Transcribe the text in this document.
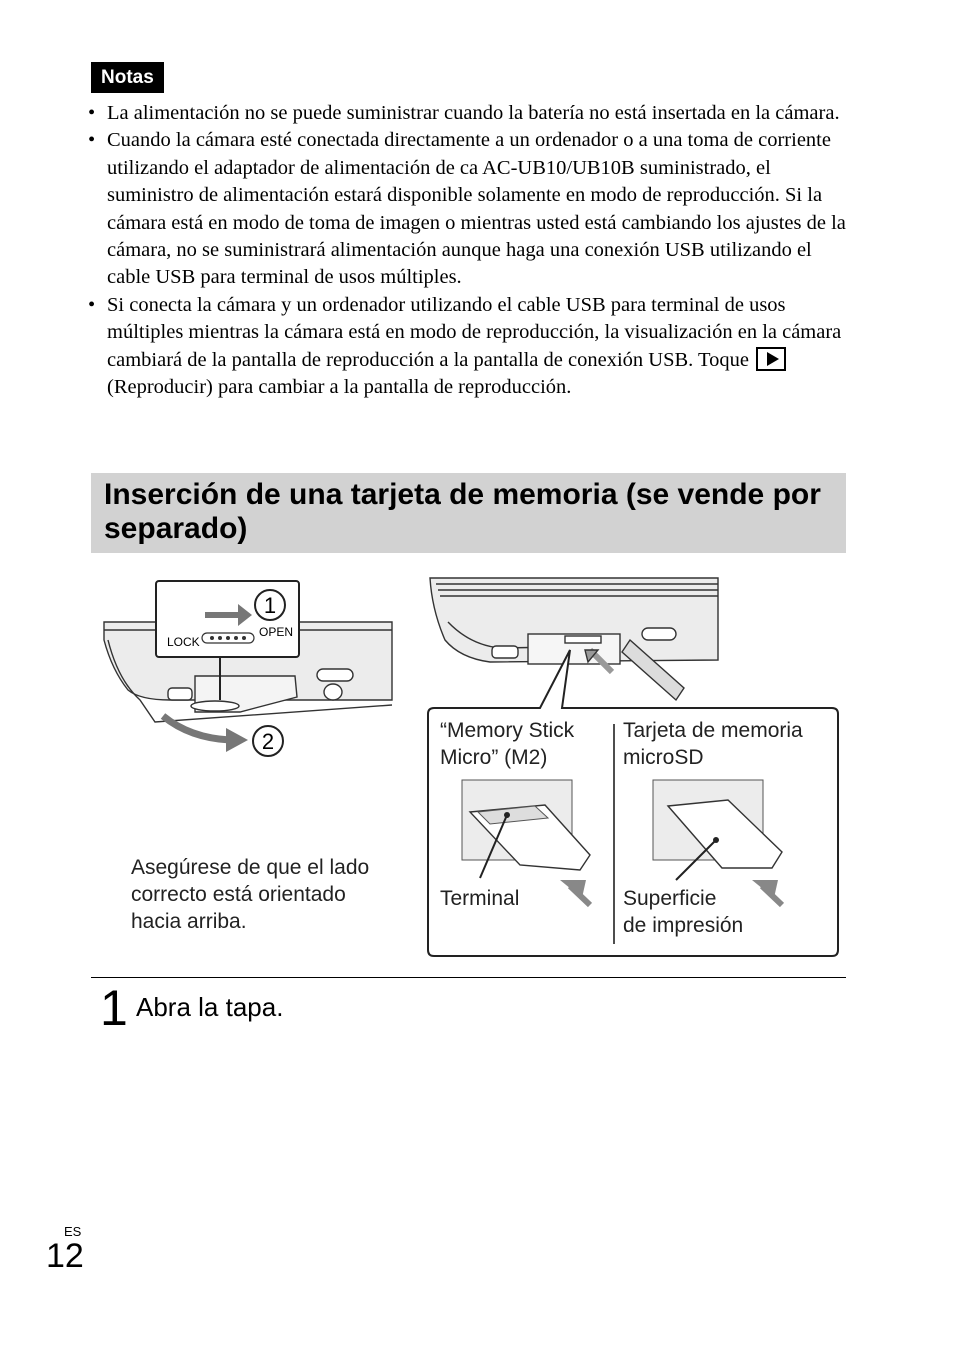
Notas
• La alimentación no se puede suministrar cuando la batería no está insertada en la cámara.
• Cuando la cámara esté conectada directamente a un ordenador o a una toma de corriente utilizando el adaptador de alimentación de ca AC-UB10/UB10B suministrado, el suministro de alimentación estará disponible solamente en modo de reproducción. Si la cámara está en modo de toma de imagen o mientras usted está cambiando los ajustes de la cámara, no se suministrará alimentación aunque haga una conexión USB utilizando el cable USB para terminal de usos múltiples.
• Si conecta la cámara y un ordenador utilizando el cable USB para terminal de usos múltiples mientras la cámara está en modo de reproducción, la visualización en la cámara cambiará de la pantalla de reproducción a la pantalla de conexión USB. Toque  (Reproducir) para cambiar a la pantalla de reproducción.
Inserción de una tarjeta de memoria (se vende por separado)
1
LOCK
OPEN
2
Asegúrese de que el lado
correcto está orientado
hacia arriba.
“Memory Stick
Micro” (M2)
Tarjeta de memoria
microSD
Terminal	Superficie
de impresión
1 Abra la tapa.
ES
12
